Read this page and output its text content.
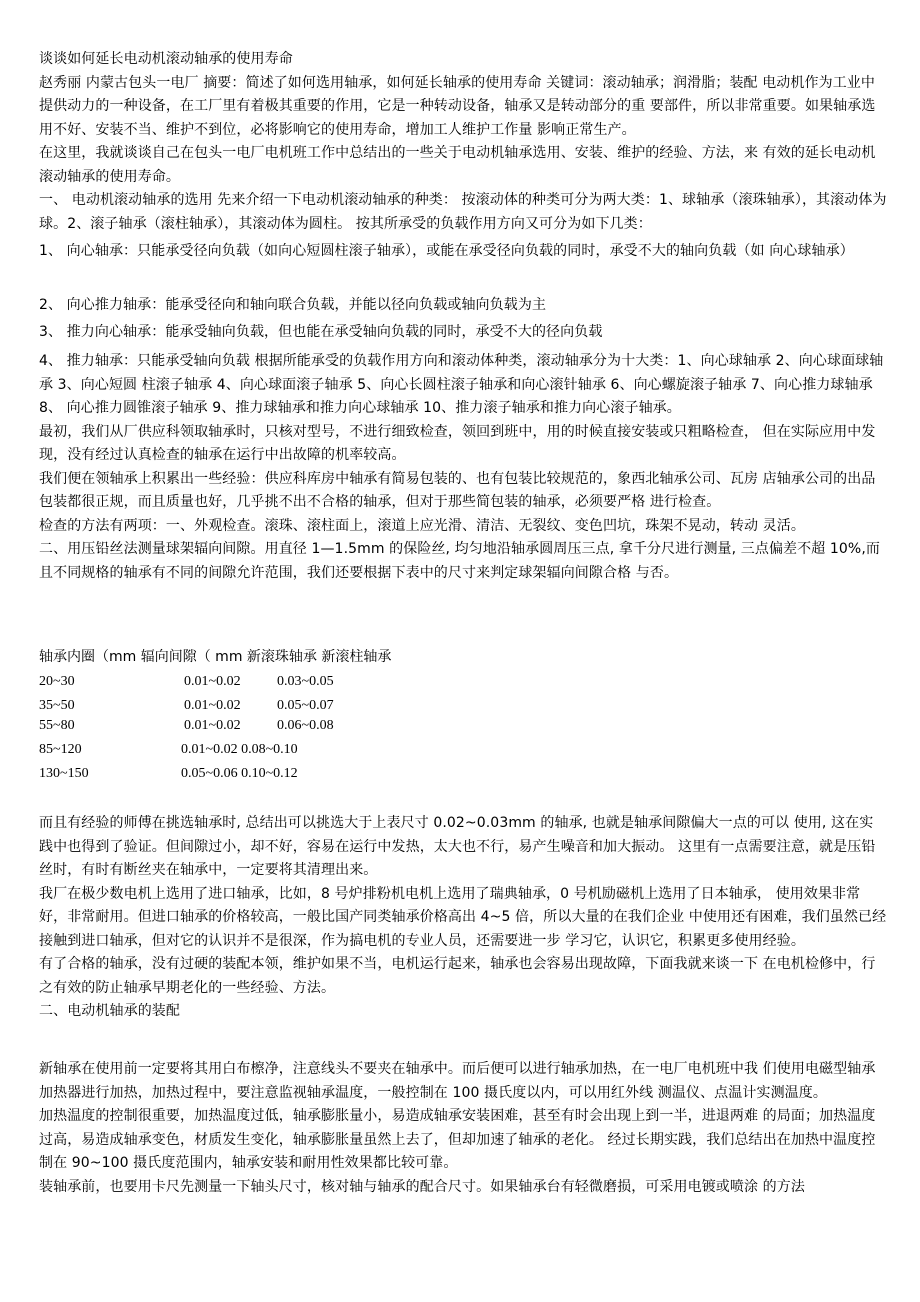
谈谈如何延长电动机滚动轴承的使用寿命

赵秀丽 内蒙古包头一电厂 摘要：简述了如何选用轴承，如何延长轴承的使用寿命 关键词：滚动轴承；润滑脂；装配 电动机作为工业中提供动力的一种设备，在工厂里有着极其重要的作用，它是一种转动设备，轴承又是转动部分的重 要部件，所以非常重要。如果轴承选用不好、安装不当、维护不到位，必将影响它的使用寿命，增加工人维护工作量 影响正常生产。

在这里，我就谈谈自己在包头一电厂电机班工作中总结出的一些关于电动机轴承选用、安装、维护的经验、方法，来 有效的延长电动机滚动轴承的使用寿命。

一、 电动机滚动轴承的选用 先来介绍一下电动机滚动轴承的种类： 按滚动体的种类可分为两大类：1、球轴承（滚珠轴承），其滚动体为球。2、滚子轴承（滚柱轴承），其滚动体为圆柱。 按其所承受的负载作用方向又可分为如下几类：

1、 向心轴承：只能承受径向负载（如向心短圆柱滚子轴承），或能在承受径向负载的同时，承受不大的轴向负载（如 向心球轴承）

2、 向心推力轴承：能承受径向和轴向联合负载，并能以径向负载或轴向负载为主

3、 推力向心轴承：能承受轴向负载，但也能在承受轴向负载的同时，承受不大的径向负载

4、 推力轴承：只能承受轴向负载 根据所能承受的负载作用方向和滚动体种类，滚动轴承分为十大类：1、向心球轴承 2、向心球面球轴承 3、向心短圆 柱滚子轴承 4、向心球面滚子轴承 5、向心长圆柱滚子轴承和向心滚针轴承 6、向心螺旋滚子轴承 7、向心推力球轴承 8、 向心推力圆锥滚子轴承 9、推力球轴承和推力向心球轴承 10、推力滚子轴承和推力向心滚子轴承。

最初，我们从厂供应科领取轴承时，只核对型号，不进行细致检查，领回到班中，用的时候直接安装或只粗略检查， 但在实际应用中发现，没有经过认真检查的轴承在运行中出故障的机率较高。

我们便在领轴承上积累出一些经验：供应科库房中轴承有简易包装的、也有包装比较规范的，象西北轴承公司、瓦房 店轴承公司的出品包装都很正规，而且质量也好，几乎挑不出不合格的轴承，但对于那些简包装的轴承，必须要严格 进行检查。

检查的方法有两项：一、外观检查。滚珠、滚柱面上，滚道上应光滑、清洁、无裂纹、变色凹坑，珠架不晃动，转动 灵活。

二、用压铅丝法测量球架辐向间隙。用直径 1—1.5mm 的保险丝, 均匀地沿轴承圆周压三点, 拿千分尺进行测量, 三点偏差不超 10%,而且不同规格的轴承有不同的间隙允许范围，我们还要根据下表中的尺寸来判定球架辐向间隙合格 与否。

轴承内圈（mm 辐向间隙（ mm 新滚珠轴承 新滚柱轴承
20~30	0.01~0.02	0.03~0.05
35~50	0.01~0.02	0.05~0.07
55~80	0.01~0.02	0.06~0.08
85~120	0.01~0.02 0.08~0.10
130~150	0.05~0.06 0.10~0.12

而且有经验的师傅在挑选轴承时, 总结出可以挑选大于上表尺寸 0.02~0.03mm 的轴承, 也就是轴承间隙偏大一点的可以 使用, 这在实践中也得到了验证。但间隙过小，却不好，容易在运行中发热，太大也不行，易产生噪音和加大振动。 这里有一点需要注意，就是压铅丝时，有时有断丝夹在轴承中，一定要将其清理出来。

我厂在极少数电机上选用了进口轴承，比如，8 号炉排粉机电机上选用了瑞典轴承，0 号机励磁机上选用了日本轴承， 使用效果非常好，非常耐用。但进口轴承的价格较高，一般比国产同类轴承价格高出 4~5 倍，所以大量的在我们企业 中使用还有困难，我们虽然已经接触到进口轴承，但对它的认识并不是很深，作为搞电机的专业人员，还需要进一步 学习它，认识它，积累更多使用经验。

有了合格的轴承，没有过硬的装配本领，维护如果不当，电机运行起来，轴承也会容易出现故障，下面我就来谈一下 在电机检修中，行之有效的防止轴承早期老化的一些经验、方法。

二、电动机轴承的装配

新轴承在使用前一定要将其用白布檫净，注意线头不要夹在轴承中。而后便可以进行轴承加热，在一电厂电机班中我 们使用电磁型轴承加热器进行加热，加热过程中，要注意监视轴承温度，一般控制在 100 摄氏度以内，可以用红外线 测温仪、点温计实测温度。

加热温度的控制很重要，加热温度过低，轴承膨胀量小，易造成轴承安装困难，甚至有时会出现上到一半，进退两难 的局面；加热温度过高，易造成轴承变色，材质发生变化，轴承膨胀量虽然上去了，但却加速了轴承的老化。 经过长期实践，我们总结出在加热中温度控制在 90~100 摄氏度范围内，轴承安装和耐用性效果都比较可靠。

装轴承前，也要用卡尺先测量一下轴头尺寸，核对轴与轴承的配合尺寸。如果轴承台有轻微磨损，可采用电镀或喷涂 的方法
